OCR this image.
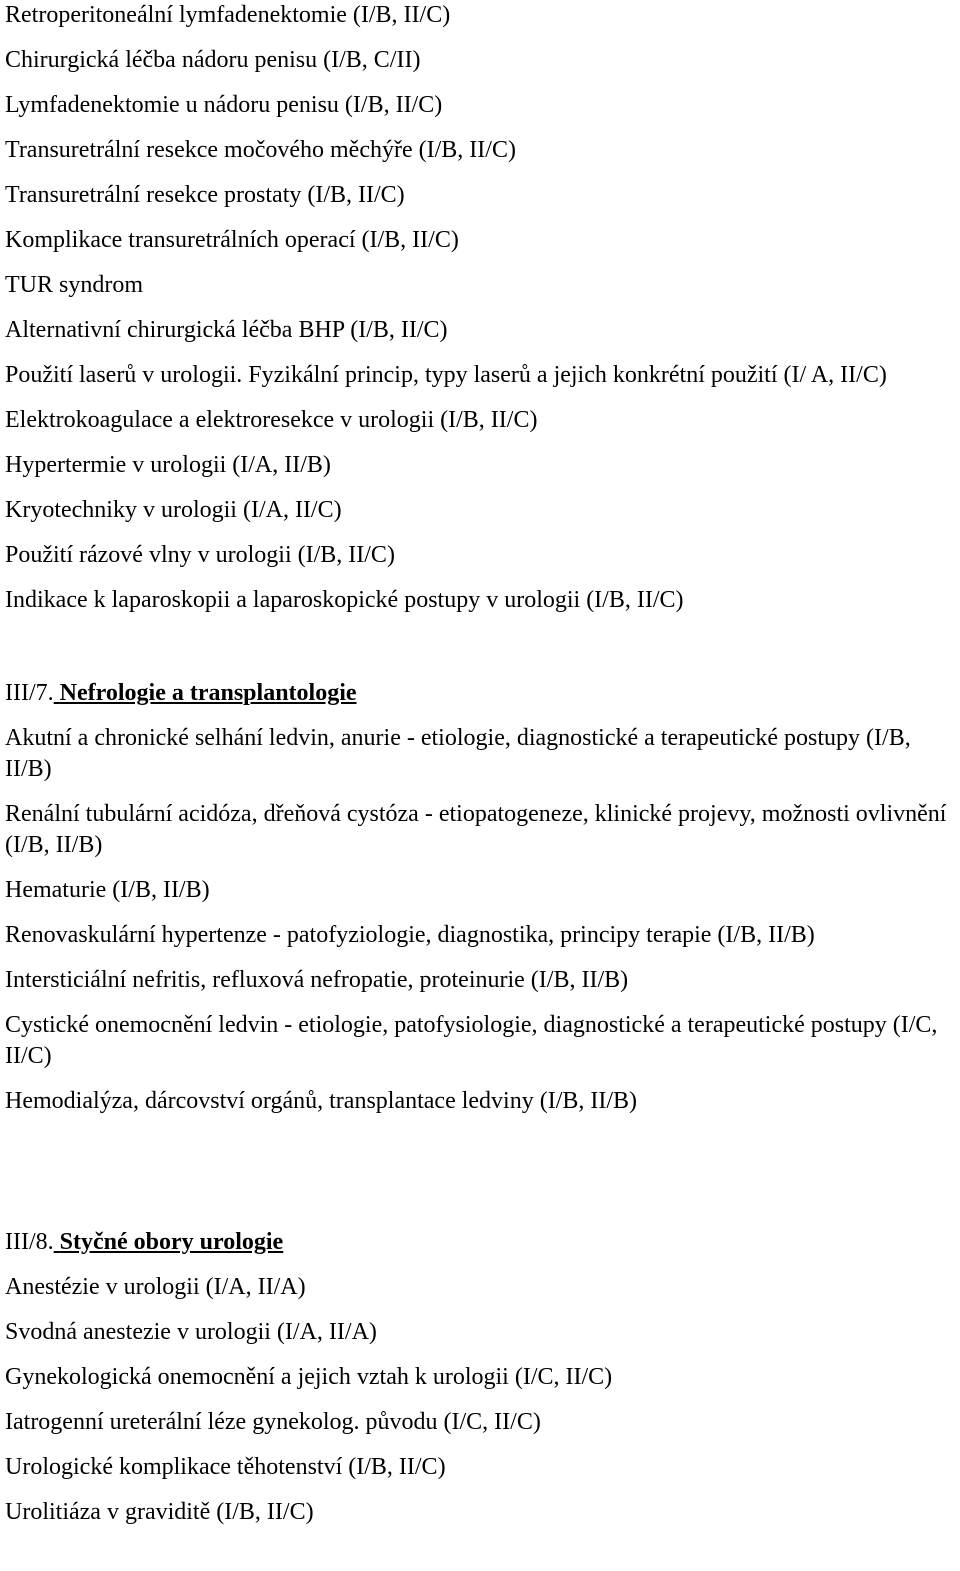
Retroperitoneální lymfadenektomie (I/B, II/C)

Chirurgická léčba nádoru penisu (I/B, C/II)

Lymfadenektomie u nádoru penisu (I/B, II/C)

Transuretrální resekce močového měchýře (I/B, II/C)

Transuretrální resekce prostaty (I/B, II/C)

Komplikace transuretrálních operací (I/B, II/C)

TUR syndrom

Alternativní chirurgická léčba BHP (I/B, II/C)

Použití laserů v urologii. Fyzikální princip, typy laserů a jejich konkrétní použití (I/ A, II/C)

Elektrokoagulace a elektroresekce v urologii (I/B, II/C)

Hypertermie v urologii (I/A, II/B)

Kryotechniky v urologii (I/A, II/C)

Použití rázové vlny v urologii (I/B, II/C)

Indikace k laparoskopii a laparoskopické postupy v urologii (I/B, II/C)

III/7. Nefrologie a transplantologie

Akutní a chronické selhání ledvin, anurie - etiologie, diagnostické a terapeutické postupy (I/B, II/B)

Renální tubulární acidóza, dřeňová cystóza - etiopatogeneze, klinické projevy, možnosti ovlivnění (I/B, II/B)

Hematurie (I/B, II/B)

Renovaskulární hypertenze - patofyziologie, diagnostika, principy terapie (I/B, II/B)

Intersticiální nefritis, refluxová nefropatie, proteinurie (I/B, II/B)

Cystické onemocnění ledvin - etiologie, patofysiologie, diagnostické a terapeutické postupy (I/C, II/C)

Hemodialýza, dárcovství orgánů, transplantace ledviny (I/B, II/B)

III/8. Styčné obory urologie

Anestézie v urologii (I/A, II/A)

Svodná anestezie v urologii (I/A, II/A)

Gynekologická onemocnění a jejich vztah k urologii (I/C, II/C)

Iatrogenní ureterální léze gynekolog. původu (I/C, II/C)

Urologické komplikace těhotenství (I/B, II/C)

Urolitiáza v graviditě (I/B, II/C)
